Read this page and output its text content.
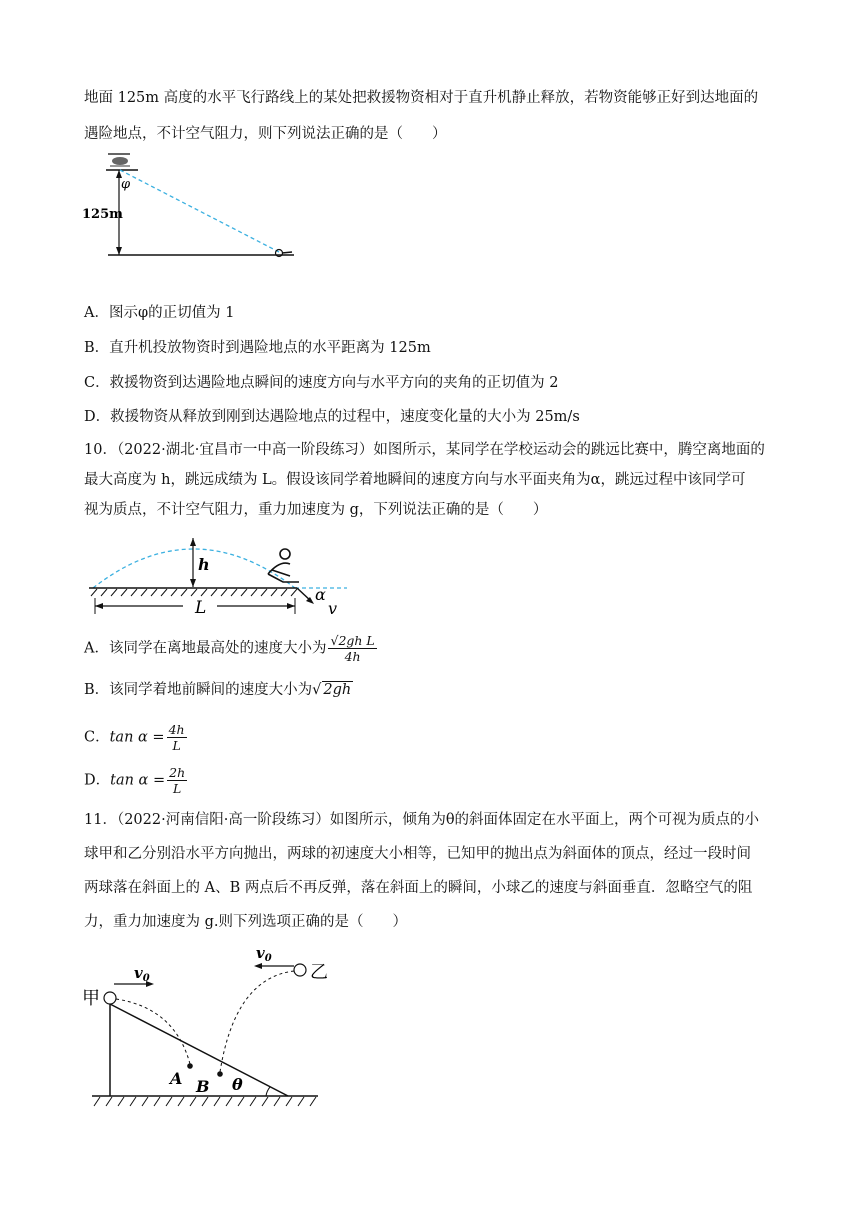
地面 125m 高度的水平飞行路线上的某处把救援物资相对于直升机静止释放，若物资能够正好到达地面的
遇险地点，不计空气阻力，则下列说法正确的是（　　）
φ
125m
A．图示φ的正切值为 1
B．直升机投放物资时到遇险地点的水平距离为 125m
C．救援物资到达遇险地点瞬间的速度方向与水平方向的夹角的正切值为 2
D．救援物资从释放到刚到达遇险地点的过程中，速度变化量的大小为 25m/s
10．（2022·湖北·宜昌市一中高一阶段练习）如图所示，某同学在学校运动会的跳远比赛中，腾空离地面的
最大高度为 h，跳远成绩为 L。假设该同学着地瞬间的速度方向与水平面夹角为α，跳远过程中该同学可
视为质点，不计空气阻力，重力加速度为 g，下列说法正确的是（　　）
h
L
α
v
A．该同学在离地最高处的速度大小为 $\frac{\text{√2gh L}}{4h}$
B．该同学着地前瞬间的速度大小为√ 2gh
C．$\tan \alpha = \frac{4h}{L}$
D．$\tan \alpha = \frac{2h}{L}$
11．（2022·河南信阳·高一阶段练习）如图所示，倾角为θ的斜面体固定在水平面上，两个可视为质点的小
球甲和乙分别沿水平方向抛出，两球的初速度大小相等，已知甲的抛出点为斜面体的顶点，经过一段时间
两球落在斜面上的 A、B 两点后不再反弹，落在斜面上的瞬间，小球乙的速度与斜面垂直．忽略空气的阻
力，重力加速度为 g.则下列选项正确的是（　　）
$v_0$
$v_0$
甲
乙
A B θ
